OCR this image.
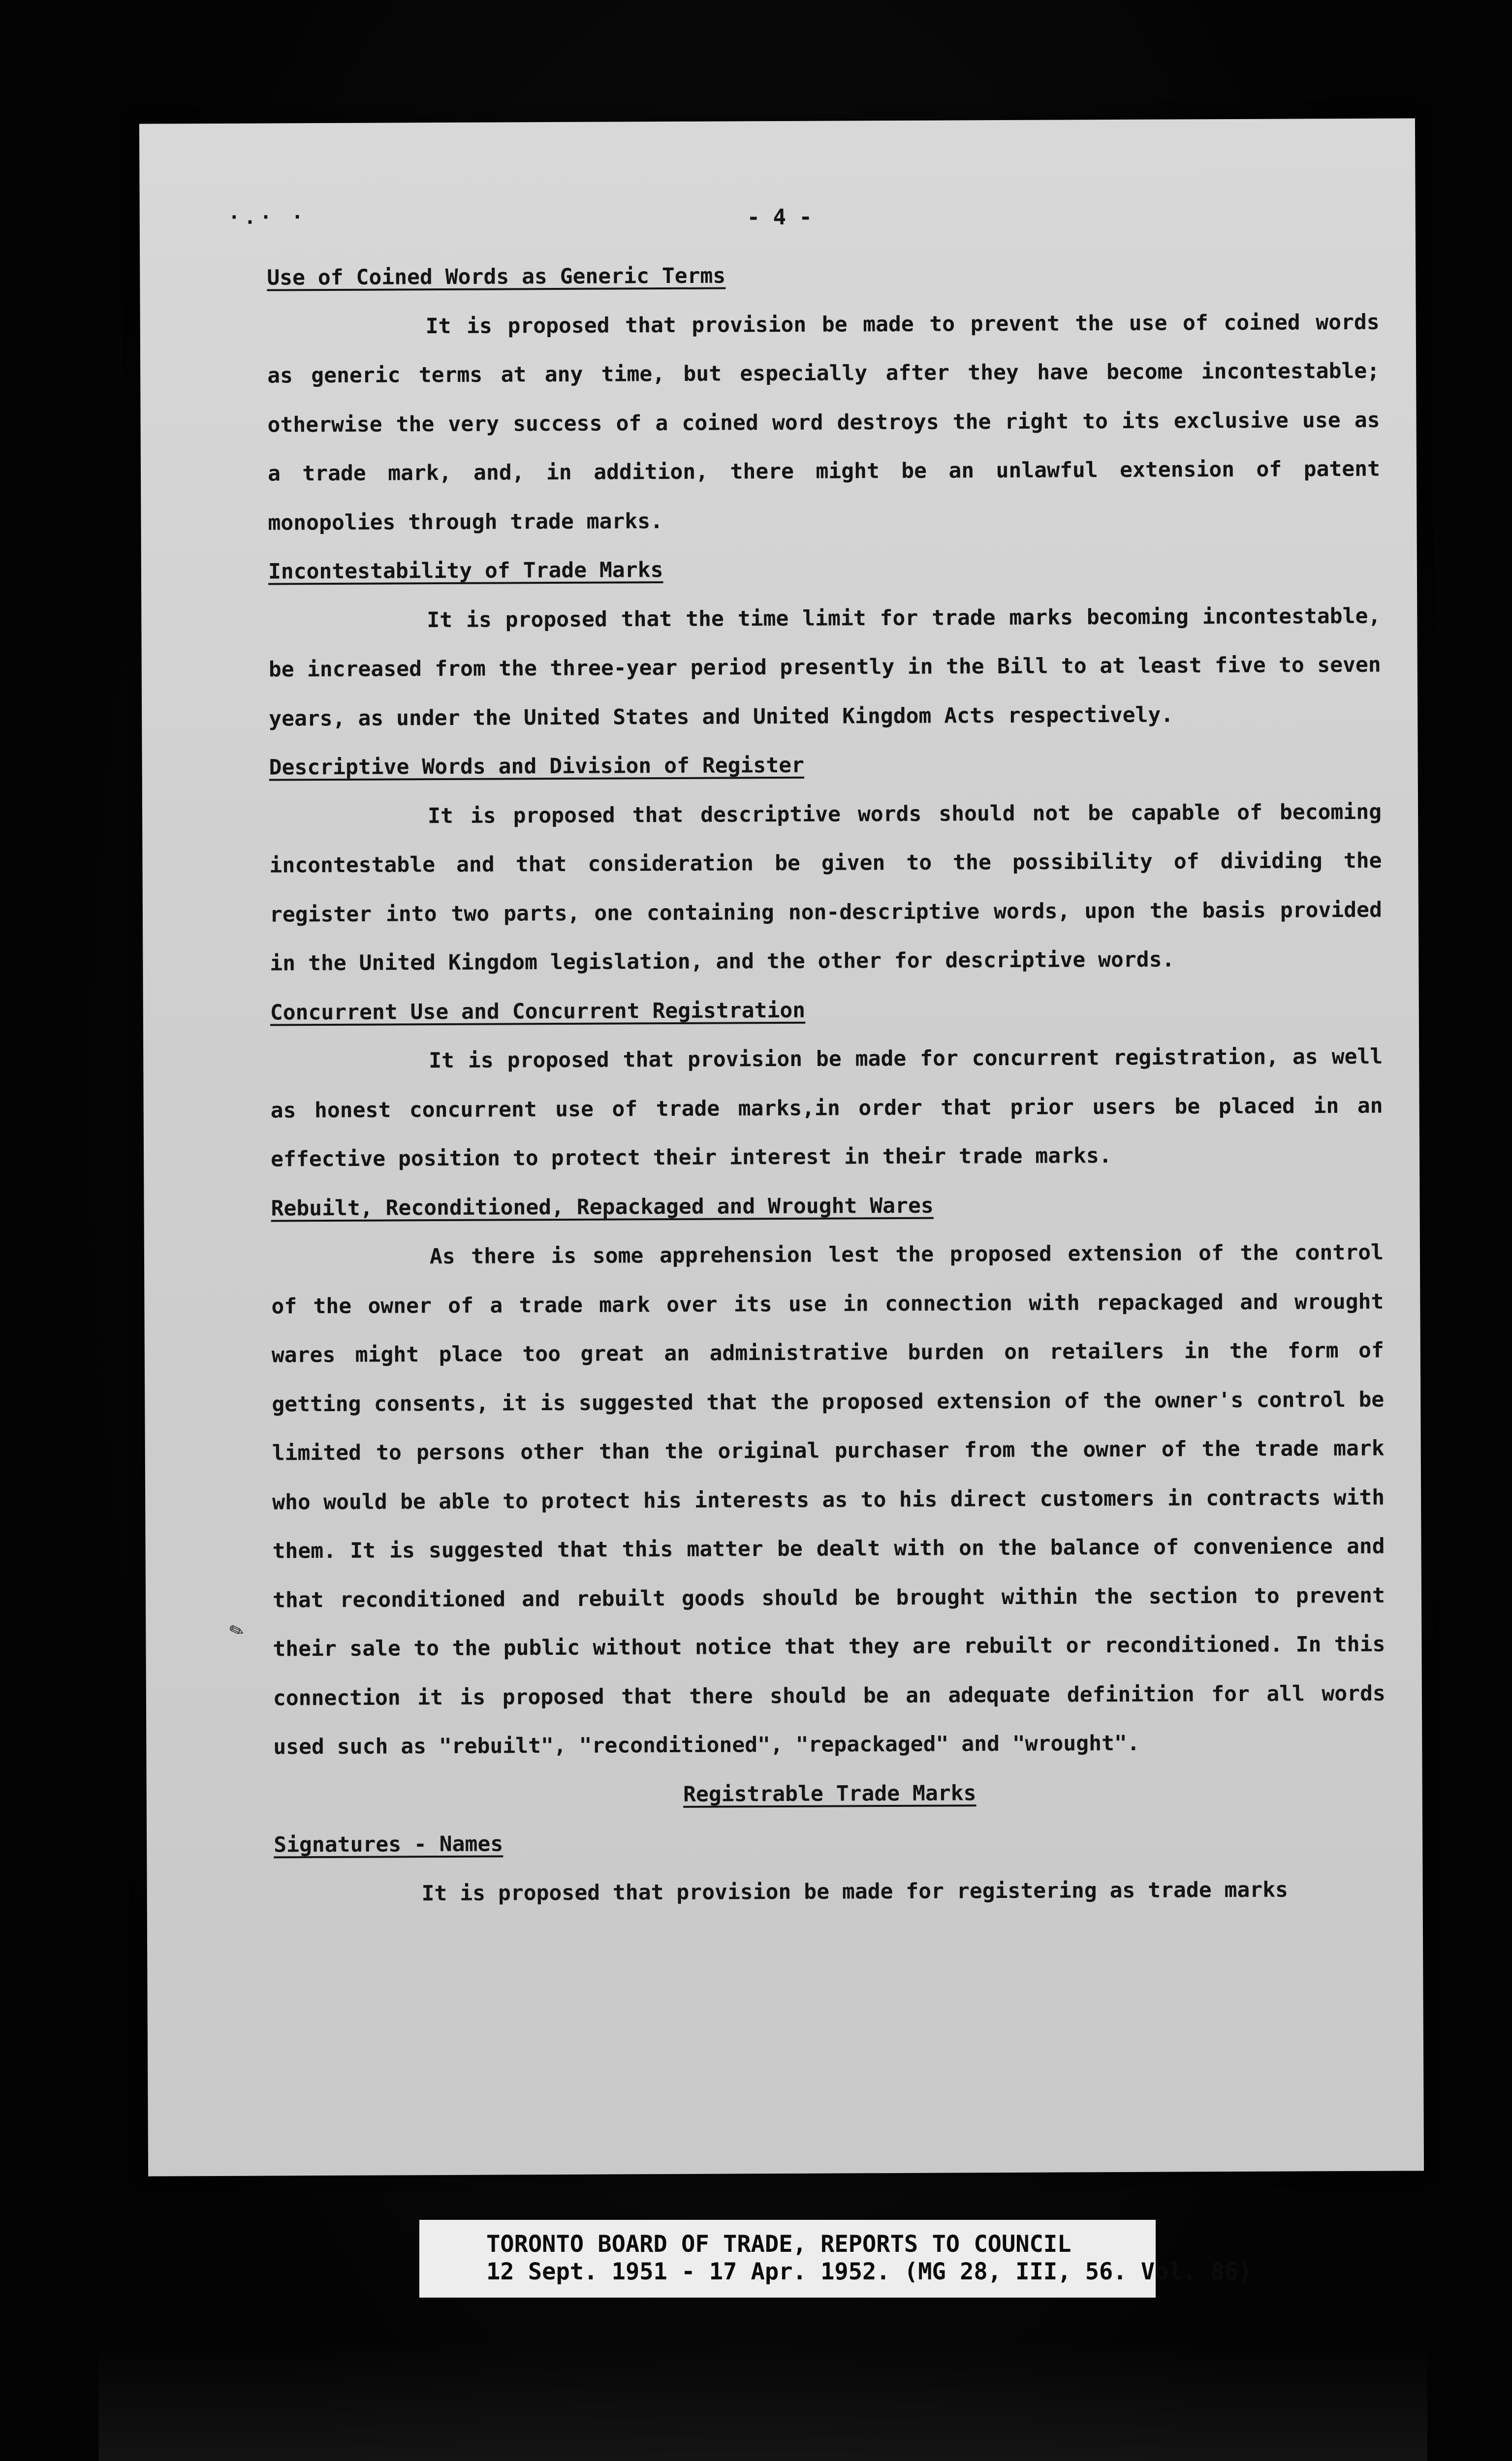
·.· ·	- 4 -
Use of Coined Words as Generic Terms

It is proposed that provision be made to prevent the use of coined words as generic terms at any time, but especially after they have become incontestable; otherwise the very success of a coined word destroys the right to its exclusive use as a trade mark, and, in addition, there might be an unlawful extension of patent monopolies through trade marks.

Incontestability of Trade Marks

It is proposed that the time limit for trade marks becoming incontestable, be increased from the three-year period presently in the Bill to at least five to seven years, as under the United States and United Kingdom Acts respectively.

Descriptive Words and Division of Register

It is proposed that descriptive words should not be capable of becoming incontestable and that consideration be given to the possibility of dividing the register into two parts, one containing non-descriptive words, upon the basis provided in the United Kingdom legislation, and the other for descriptive words.

Concurrent Use and Concurrent Registration

It is proposed that provision be made for concurrent registration, as well as honest concurrent use of trade marks,in order that prior users be placed in an effective position to protect their interest in their trade marks.

Rebuilt, Reconditioned, Repackaged and Wrought Wares

As there is some apprehension lest the proposed extension of the control of the owner of a trade mark over its use in connection with repackaged and wrought wares might place too great an administrative burden on retailers in the form of getting consents, it is suggested that the proposed extension of the owner's control be limited to persons other than the original purchaser from the owner of the trade mark who would be able to protect his interests as to his direct customers in contracts with them. It is suggested that this matter be dealt with on the balance of convenience and that reconditioned and rebuilt goods should be brought within the section to prevent their sale to the public without notice that they are rebuilt or reconditioned. In this connection it is proposed that there should be an adequate definition for all words used such as "rebuilt", "reconditioned", "repackaged" and "wrought".

Registrable Trade Marks
Signatures - Names

It is proposed that provision be made for registering as trade marks

✎
TORONTO BOARD OF TRADE, REPORTS TO COUNCIL
12 Sept. 1951 - 17 Apr. 1952. (MG 28, III, 56. Vol. 86)
